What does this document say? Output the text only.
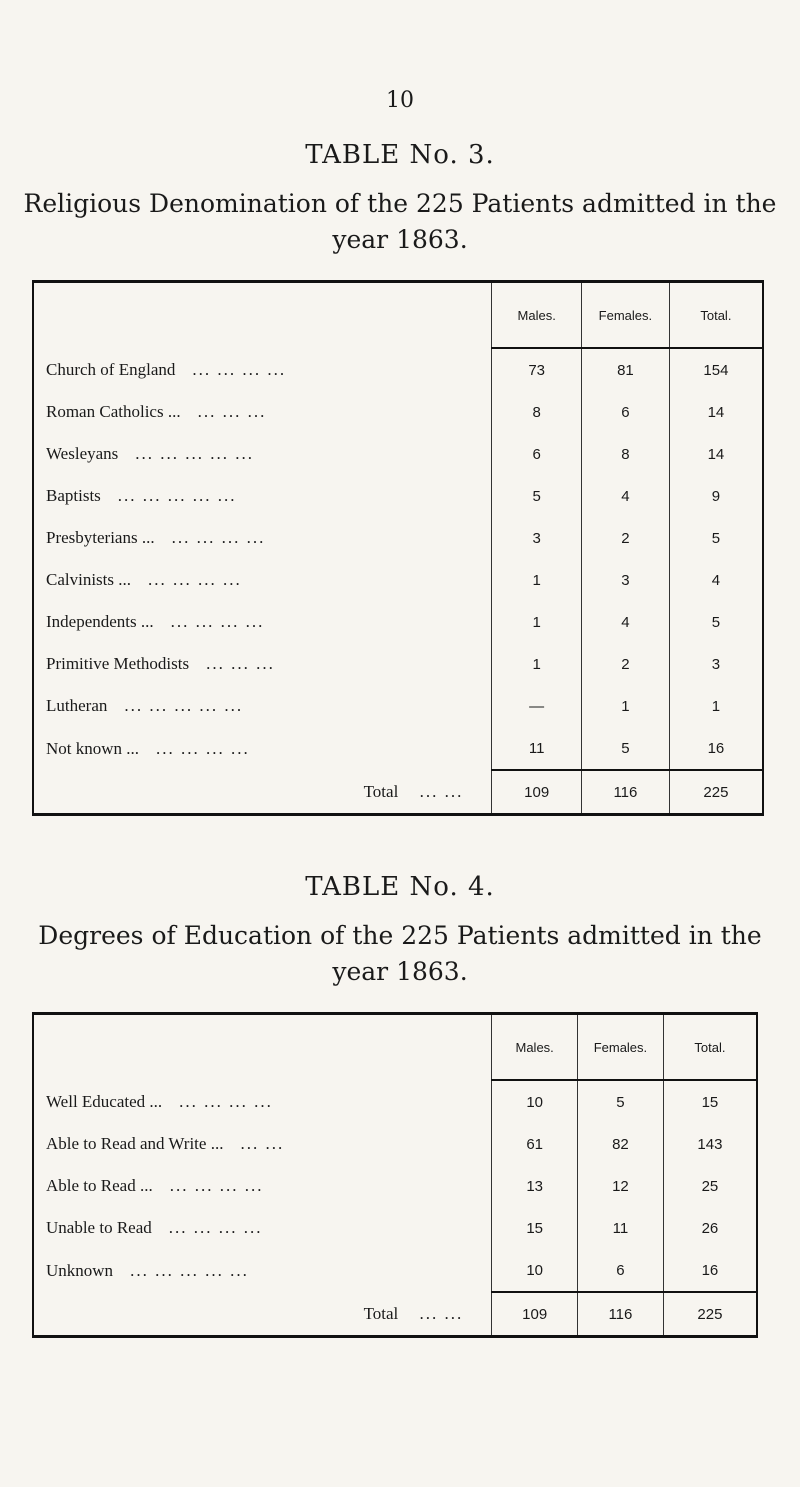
10
TABLE No. 3.
Religious Denomination of the 225 Patients admitted in the
year 1863.
	Males.	Females.	Total.
Church of England ... ... ... ...	73	81	154
Roman Catholics ... ... ... ...	8	6	14
Wesleyans ... ... ... ... ...	6	8	14
Baptists ... ... ... ... ...	5	4	9
Presbyterians ... ... ... ... ...	3	2	5
Calvinists ... ... ... ... ...	1	3	4
Independents ... ... ... ... ...	1	4	5
Primitive Methodists ... ... ...	1	2	3
Lutheran ... ... ... ... ...	—	1	1
Not known ... ... ... ... ...	11	5	16
Total ... ...	109	116	225
TABLE No. 4.
Degrees of Education of the 225 Patients admitted in the
year 1863.
	Males.	Females.	Total.
Well Educated ... ... ... ... ...	10	5	15
Able to Read and Write ... ... ...	61	82	143
Able to Read ... ... ... ... ...	13	12	25
Unable to Read ... ... ... ...	15	11	26
Unknown ... ... ... ... ...	10	6	16
Total ... ...	109	116	225
